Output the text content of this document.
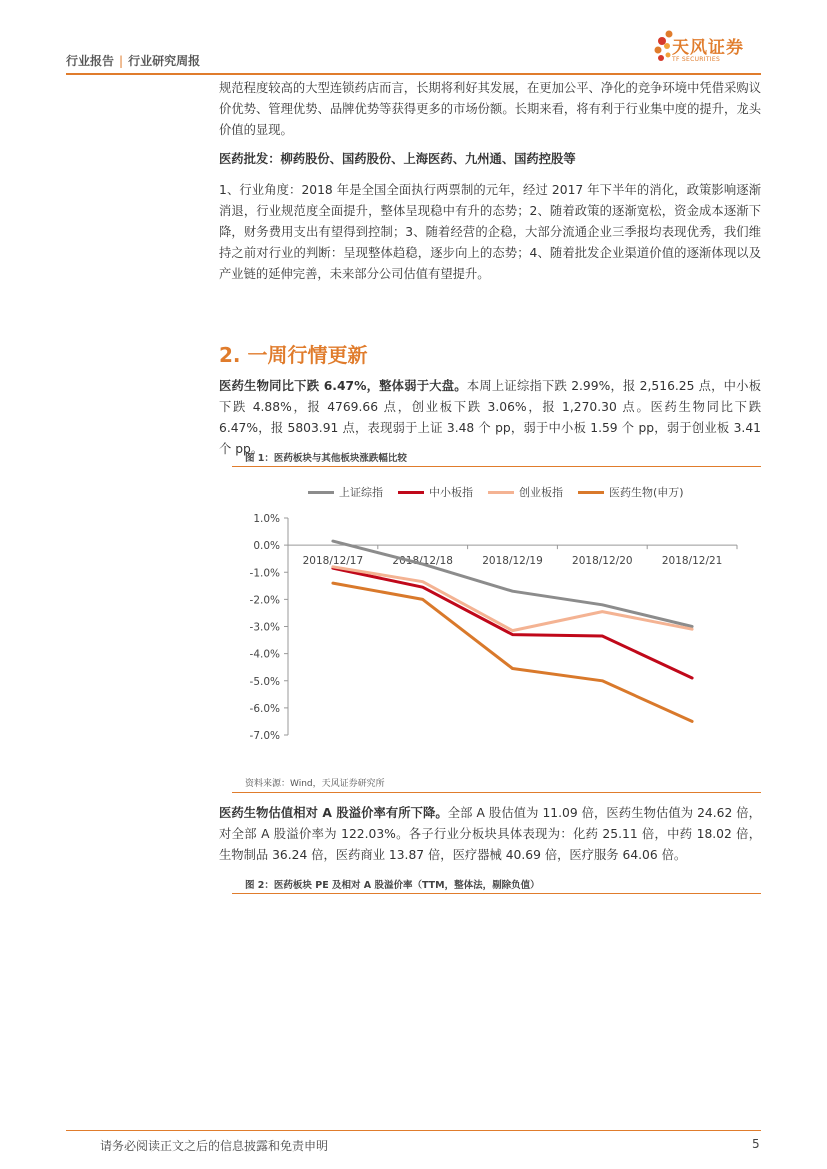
行业报告 | 行业研究周报
天风证券
TF SECURITIES

规范程度较高的大型连锁药店而言，长期将利好其发展，在更加公平、净化的竞争环境中凭借采购议价优势、管理优势、品牌优势等获得更多的市场份额。长期来看，将有利于行业集中度的提升，龙头价值的显现。

医药批发：柳药股份、国药股份、上海医药、九州通、国药控股等

1、行业角度：2018 年是全国全面执行两票制的元年，经过 2017 年下半年的消化，政策影响逐渐消退，行业规范度全面提升，整体呈现稳中有升的态势；2、随着政策的逐渐宽松，资金成本逐渐下降，财务费用支出有望得到控制；3、随着经营的企稳，大部分流通企业三季报均表现优秀，我们维持之前对行业的判断：呈现整体趋稳，逐步向上的态势；4、随着批发企业渠道价值的逐渐体现以及产业链的延伸完善，未来部分公司估值有望提升。

2. 一周行情更新

医药生物同比下跌 6.47%，整体弱于大盘。本周上证综指下跌 2.99%，报 2,516.25 点，中小板下跌 4.88%，报 4769.66 点，创业板下跌 3.06%，报 1,270.30 点。医药生物同比下跌 6.47%，报 5803.91 点，表现弱于上证 3.48 个 pp，弱于中小板 1.59 个 pp，弱于创业板 3.41 个 pp。

图 1：医药板块与其他板块涨跌幅比较
上证综指	中小板指	创业板指	医药生物(申万)
1.0%
0.0%
-1.0%
-2.0%
-3.0%
-4.0%
-5.0%
-6.0%
-7.0%
2018/12/17	2018/12/18	2018/12/19	2018/12/20	2018/12/21
资料来源：Wind，天风证券研究所

医药生物估值相对 A 股溢价率有所下降。全部 A 股估值为 11.09 倍，医药生物估值为 24.62 倍，对全部 A 股溢价率为 122.03%。各子行业分板块具体表现为：化药 25.11 倍，中药 18.02 倍，生物制品 36.24 倍，医药商业 13.87 倍，医疗器械 40.69 倍，医疗服务 64.06 倍。

图 2：医药板块 PE 及相对 A 股溢价率（TTM，整体法，剔除负值）
请务必阅读正文之后的信息披露和免责申明	5
